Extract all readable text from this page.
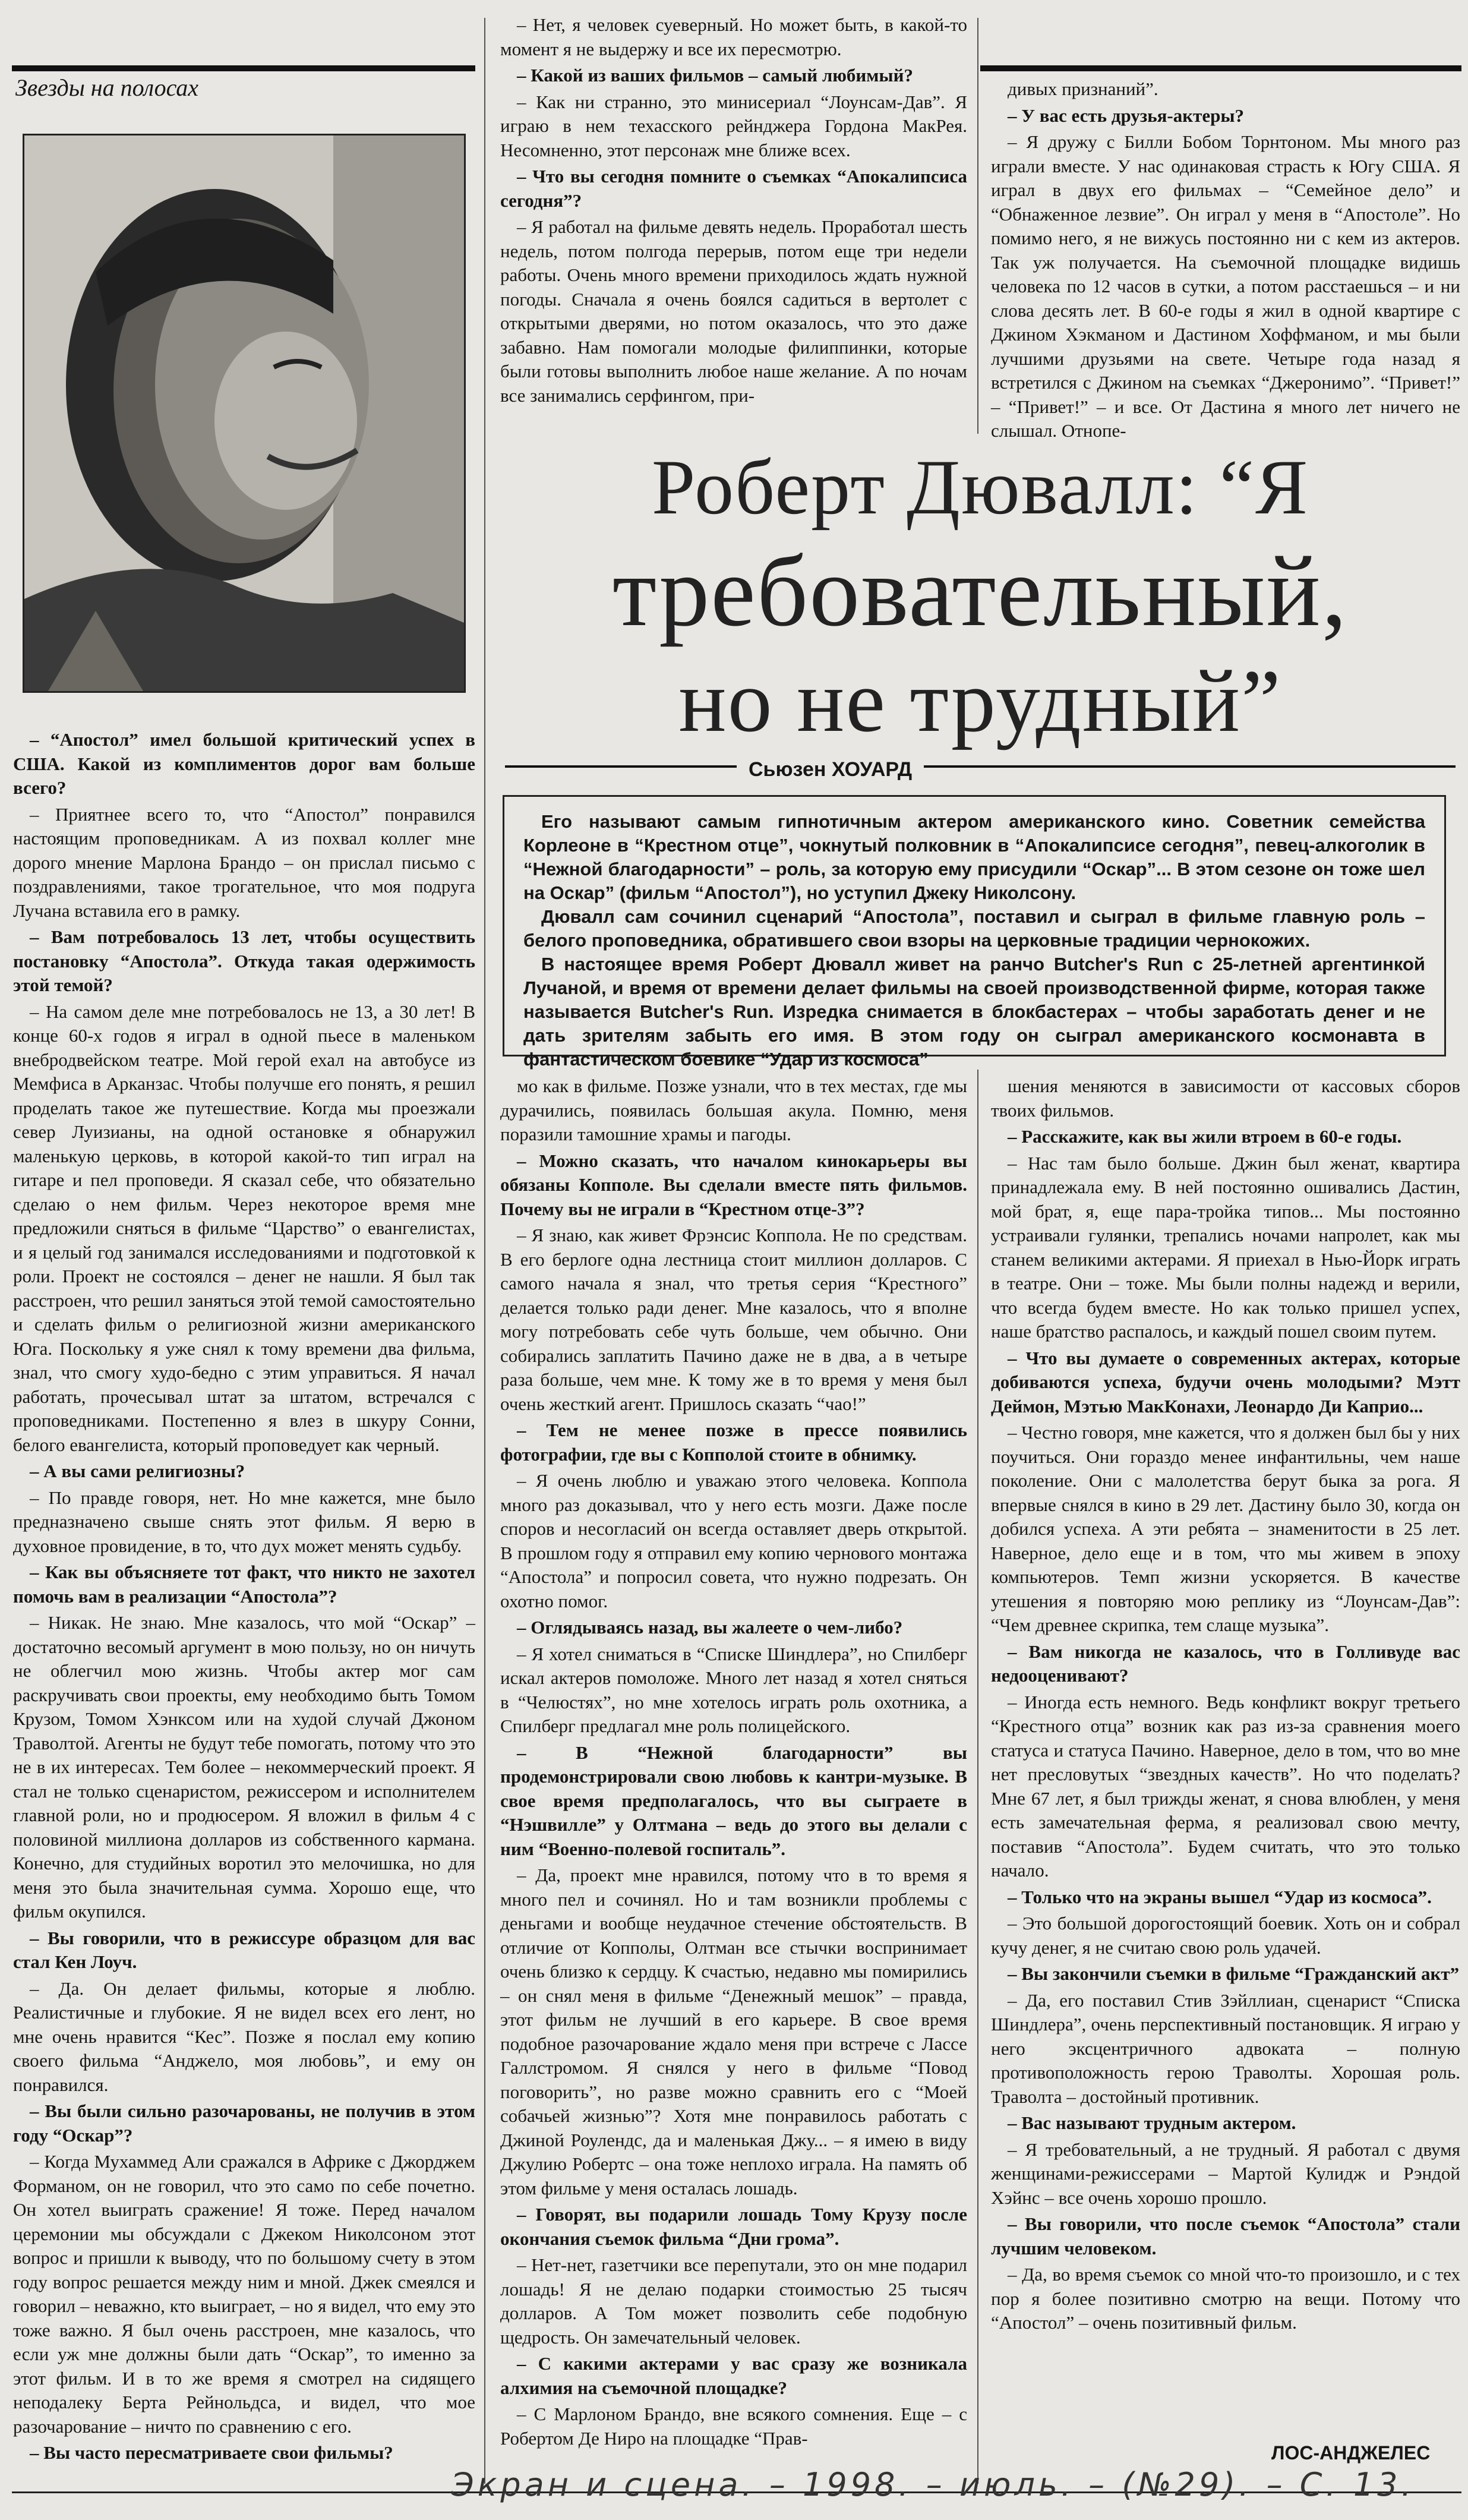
Звезды на полосах
Роберт Дювалл: “Я
требовательный,
но не трудный”
Сьюзен ХОУАРД

Его называют самым гипнотичным актером американского кино. Советник семейства Корлеоне в “Крестном отце”, чокнутый полковник в “Апокалипсисе сегодня”, певец-алкоголик в “Нежной благодарности” – роль, за которую ему присудили “Оскар”... В этом сезоне он тоже шел на Оскар” (фильм “Апостол”), но уступил Джеку Николсону.

Дювалл сам сочинил сценарий “Апостола”, поставил и сыграл в фильме главную роль – белого проповедника, обратившего свои взоры на церковные традиции чернокожих.

В настоящее время Роберт Дювалл живет на ранчо Butcher's Run с 25-летней аргентинкой Лучаной, и время от времени делает фильмы на своей производственной фирме, которая также называется Butcher's Run. Изредка снимается в блокбастерах – чтобы заработать денег и не дать зрителям забыть его имя. В этом году он сыграл американского космонавта в фантастическом боевике “Удар из космоса”

– “Апостол” имел большой критический успех в США. Какой из комплиментов дорог вам больше всего?

– Приятнее всего то, что “Апостол” понравился настоящим проповедникам. А из похвал коллег мне дорого мнение Марлона Брандо – он прислал письмо с поздравлениями, такое трогательное, что моя подруга Лучана вставила его в рамку.

– Вам потребовалось 13 лет, чтобы осуществить постановку “Апостола”. Откуда такая одержимость этой темой?

– На самом деле мне потребовалось не 13, а 30 лет! В конце 60-х годов я играл в одной пьесе в маленьком внебродвейском театре. Мой герой ехал на автобусе из Мемфиса в Арканзас. Чтобы получше его понять, я решил проделать такое же путешествие. Когда мы проезжали север Луизианы, на одной остановке я обнаружил маленькую церковь, в которой какой-то тип играл на гитаре и пел проповеди. Я сказал себе, что обязательно сделаю о нем фильм. Через некоторое время мне предложили сняться в фильме “Царство” о евангелистах, и я целый год занимался исследованиями и подготовкой к роли. Проект не состоялся – денег не нашли. Я был так расстроен, что решил заняться этой темой самостоятельно и сделать фильм о религиозной жизни американского Юга. Поскольку я уже снял к тому времени два фильма, знал, что смогу худо-бедно с этим управиться. Я начал работать, прочесывал штат за штатом, встречался с проповедниками. Постепенно я влез в шкуру Сонни, белого евангелиста, который проповедует как черный.

– А вы сами религиозны?

– По правде говоря, нет. Но мне кажется, мне было предназначено свыше снять этот фильм. Я верю в духовное провидение, в то, что дух может менять судьбу.

– Как вы объясняете тот факт, что никто не захотел помочь вам в реализации “Апостола”?

– Никак. Не знаю. Мне казалось, что мой “Оскар” – достаточно весомый аргумент в мою пользу, но он ничуть не облегчил мою жизнь. Чтобы актер мог сам раскручивать свои проекты, ему необходимо быть Томом Крузом, Томом Хэнксом или на худой случай Джоном Траволтой. Агенты не будут тебе помогать, потому что это не в их интересах. Тем более – некоммерческий проект. Я стал не только сценаристом, режиссером и исполнителем главной роли, но и продюсером. Я вложил в фильм 4 с половиной миллиона долларов из собственного кармана. Конечно, для студийных воротил это мелочишка, но для меня это была значительная сумма. Хорошо еще, что фильм окупился.

– Вы говорили, что в режиссуре образцом для вас стал Кен Лоуч.

– Да. Он делает фильмы, которые я люблю. Реалистичные и глубокие. Я не видел всех его лент, но мне очень нравится “Кес”. Позже я послал ему копию своего фильма “Анджело, моя любовь”, и ему он понравился.

– Вы были сильно разочарованы, не получив в этом году “Оскар”?

– Когда Мухаммед Али сражался в Африке с Джорджем Форманом, он не говорил, что это само по себе почетно. Он хотел выиграть сражение! Я тоже. Перед началом церемонии мы обсуждали с Джеком Николсоном этот вопрос и пришли к выводу, что по большому счету в этом году вопрос решается между ним и мной. Джек смеялся и говорил – неважно, кто выиграет, – но я видел, что ему это тоже важно. Я был очень расстроен, мне казалось, что если уж мне должны были дать “Оскар”, то именно за этот фильм. И в то же время я смотрел на сидящего неподалеку Берта Рейнольдса, и видел, что мое разочарование – ничто по сравнению с его.

– Вы часто пересматриваете свои фильмы?

– Нет, я человек суеверный. Но может быть, в какой-то момент я не выдержу и все их пересмотрю.

– Какой из ваших фильмов – самый любимый?

– Как ни странно, это минисериал “Лоунсам-Дав”. Я играю в нем техасского рейнджера Гордона МакРея. Несомненно, этот персонаж мне ближе всех.

– Что вы сегодня помните о съемках “Апокалипсиса сегодня”?

– Я работал на фильме девять недель. Проработал шесть недель, потом полгода перерыв, потом еще три недели работы. Очень много времени приходилось ждать нужной погоды. Сначала я очень боялся садиться в вертолет с открытыми дверями, но потом оказалось, что это даже забавно. Нам помогали молодые филиппинки, которые были готовы выполнить любое наше желание. А по ночам все занимались серфингом, при-

дивых признаний”.

– У вас есть друзья-актеры?

– Я дружу с Билли Бобом Торнтоном. Мы много раз играли вместе. У нас одинаковая страсть к Югу США. Я играл в двух его фильмах – “Семейное дело” и “Обнаженное лезвие”. Он играл у меня в “Апостоле”. Но помимо него, я не вижусь постоянно ни с кем из актеров. Так уж получается. На съемочной площадке видишь человека по 12 часов в сутки, а потом расстаешься – и ни слова десять лет. В 60-е годы я жил в одной квартире с Джином Хэкманом и Дастином Хоффманом, и мы были лучшими друзьями на свете. Четыре года назад я встретился с Джином на съемках “Джеронимо”. “Привет!” – “Привет!” – и все. От Дастина я много лет ничего не слышал. Отнопе-

мо как в фильме. Позже узнали, что в тех местах, где мы дурачились, появилась большая акула. Помню, меня поразили тамошние храмы и пагоды.

– Можно сказать, что началом кинокарьеры вы обязаны Копполе. Вы сделали вместе пять фильмов. Почему вы не играли в “Крестном отце-3”?

– Я знаю, как живет Фрэнсис Коппола. Не по средствам. В его берлоге одна лестница стоит миллион долларов. С самого начала я знал, что третья серия “Крестного” делается только ради денег. Мне казалось, что я вполне могу потребовать себе чуть больше, чем обычно. Они собирались заплатить Пачино даже не в два, а в четыре раза больше, чем мне. К тому же в то время у меня был очень жесткий агент. Пришлось сказать “чао!”

– Тем не менее позже в прессе появились фотографии, где вы с Копполой стоите в обнимку.

– Я очень люблю и уважаю этого человека. Коппола много раз доказывал, что у него есть мозги. Даже после споров и несогласий он всегда оставляет дверь открытой. В прошлом году я отправил ему копию чернового монтажа “Апостола” и попросил совета, что нужно подрезать. Он охотно помог.

– Оглядываясь назад, вы жалеете о чем-либо?

– Я хотел сниматься в “Списке Шиндлера”, но Спилберг искал актеров помоложе. Много лет назад я хотел сняться в “Челюстях”, но мне хотелось играть роль охотника, а Спилберг предлагал мне роль полицейского.

– В “Нежной благодарности” вы продемонстрировали свою любовь к кантри-музыке. В свое время предполагалось, что вы сыграете в “Нэшвилле” у Олтмана – ведь до этого вы делали с ним “Военно-полевой госпиталь”.

– Да, проект мне нравился, потому что в то время я много пел и сочинял. Но и там возникли проблемы с деньгами и вообще неудачное стечение обстоятельств. В отличие от Копполы, Олтман все стычки воспринимает очень близко к сердцу. К счастью, недавно мы помирились – он снял меня в фильме “Денежный мешок” – правда, этот фильм не лучший в его карьере. В свое время подобное разочарование ждало меня при встрече с Лассе Галлстромом. Я снялся у него в фильме “Повод поговорить”, но разве можно сравнить его с “Моей собачьей жизнью”? Хотя мне понравилось работать с Джиной Роулендс, да и маленькая Джу... – я имею в виду Джулию Робертс – она тоже неплохо играла. На память об этом фильме у меня осталась лошадь.

– Говорят, вы подарили лошадь Тому Крузу после окончания съемок фильма “Дни грома”.

– Нет-нет, газетчики все перепутали, это он мне подарил лошадь! Я не делаю подарки стоимостью 25 тысяч долларов. А Том может позволить себе подобную щедрость. Он замечательный человек.

– С какими актерами у вас сразу же возникала алхимия на съемочной площадке?

– С Марлоном Брандо, вне всякого сомнения. Еще – с Робертом Де Ниро на площадке “Прав-

шения меняются в зависимости от кассовых сборов твоих фильмов.

– Расскажите, как вы жили втроем в 60-е годы.

– Нас там было больше. Джин был женат, квартира принадлежала ему. В ней постоянно ошивались Дастин, мой брат, я, еще пара-тройка типов... Мы постоянно устраивали гулянки, трепались ночами напролет, как мы станем великими актерами. Я приехал в Нью-Йорк играть в театре. Они – тоже. Мы были полны надежд и верили, что всегда будем вместе. Но как только пришел успех, наше братство распалось, и каждый пошел своим путем.

– Что вы думаете о современных актерах, которые добиваются успеха, будучи очень молодыми? Мэтт Деймон, Мэтью МакКонахи, Леонардо Ди Каприо...

– Честно говоря, мне кажется, что я должен был бы у них поучиться. Они гораздо менее инфантильны, чем наше поколение. Они с малолетства берут быка за рога. Я впервые снялся в кино в 29 лет. Дастину было 30, когда он добился успеха. А эти ребята – знаменитости в 25 лет. Наверное, дело еще и в том, что мы живем в эпоху компьютеров. Темп жизни ускоряется. В качестве утешения я повторяю мою реплику из “Лоунсам-Дав”: “Чем древнее скрипка, тем слаще музыка”.

– Вам никогда не казалось, что в Голливуде вас недооценивают?

– Иногда есть немного. Ведь конфликт вокруг третьего “Крестного отца” возник как раз из-за сравнения моего статуса и статуса Пачино. Наверное, дело в том, что во мне нет пресловутых “звездных качеств”. Но что поделать? Мне 67 лет, я был трижды женат, я снова влюблен, у меня есть замечательная ферма, я реализовал свою мечту, поставив “Апостола”. Будем считать, что это только начало.

– Только что на экраны вышел “Удар из космоса”.

– Это большой дорогостоящий боевик. Хоть он и собрал кучу денег, я не считаю свою роль удачей.

– Вы закончили съемки в фильме “Гражданский акт”

– Да, его поставил Стив Зэйллиан, сценарист “Списка Шиндлера”, очень перспективный постановщик. Я играю у него эксцентричного адвоката – полную противоположность герою Траволты. Хорошая роль. Траволта – достойный противник.

– Вас называют трудным актером.

– Я требовательный, а не трудный. Я работал с двумя женщинами-режиссерами – Мартой Кулидж и Рэндой Хэйнс – все очень хорошо прошло.

– Вы говорили, что после съемок “Апостола” стали лучшим человеком.

– Да, во время съемок со мной что-то произошло, и с тех пор я более позитивно смотрю на вещи. Потому что “Апостол” – очень позитивный фильм.

ЛОС-АНДЖЕЛЕС
Экран и сцена. – 1998. – июль. – (№29). – С. 13.
